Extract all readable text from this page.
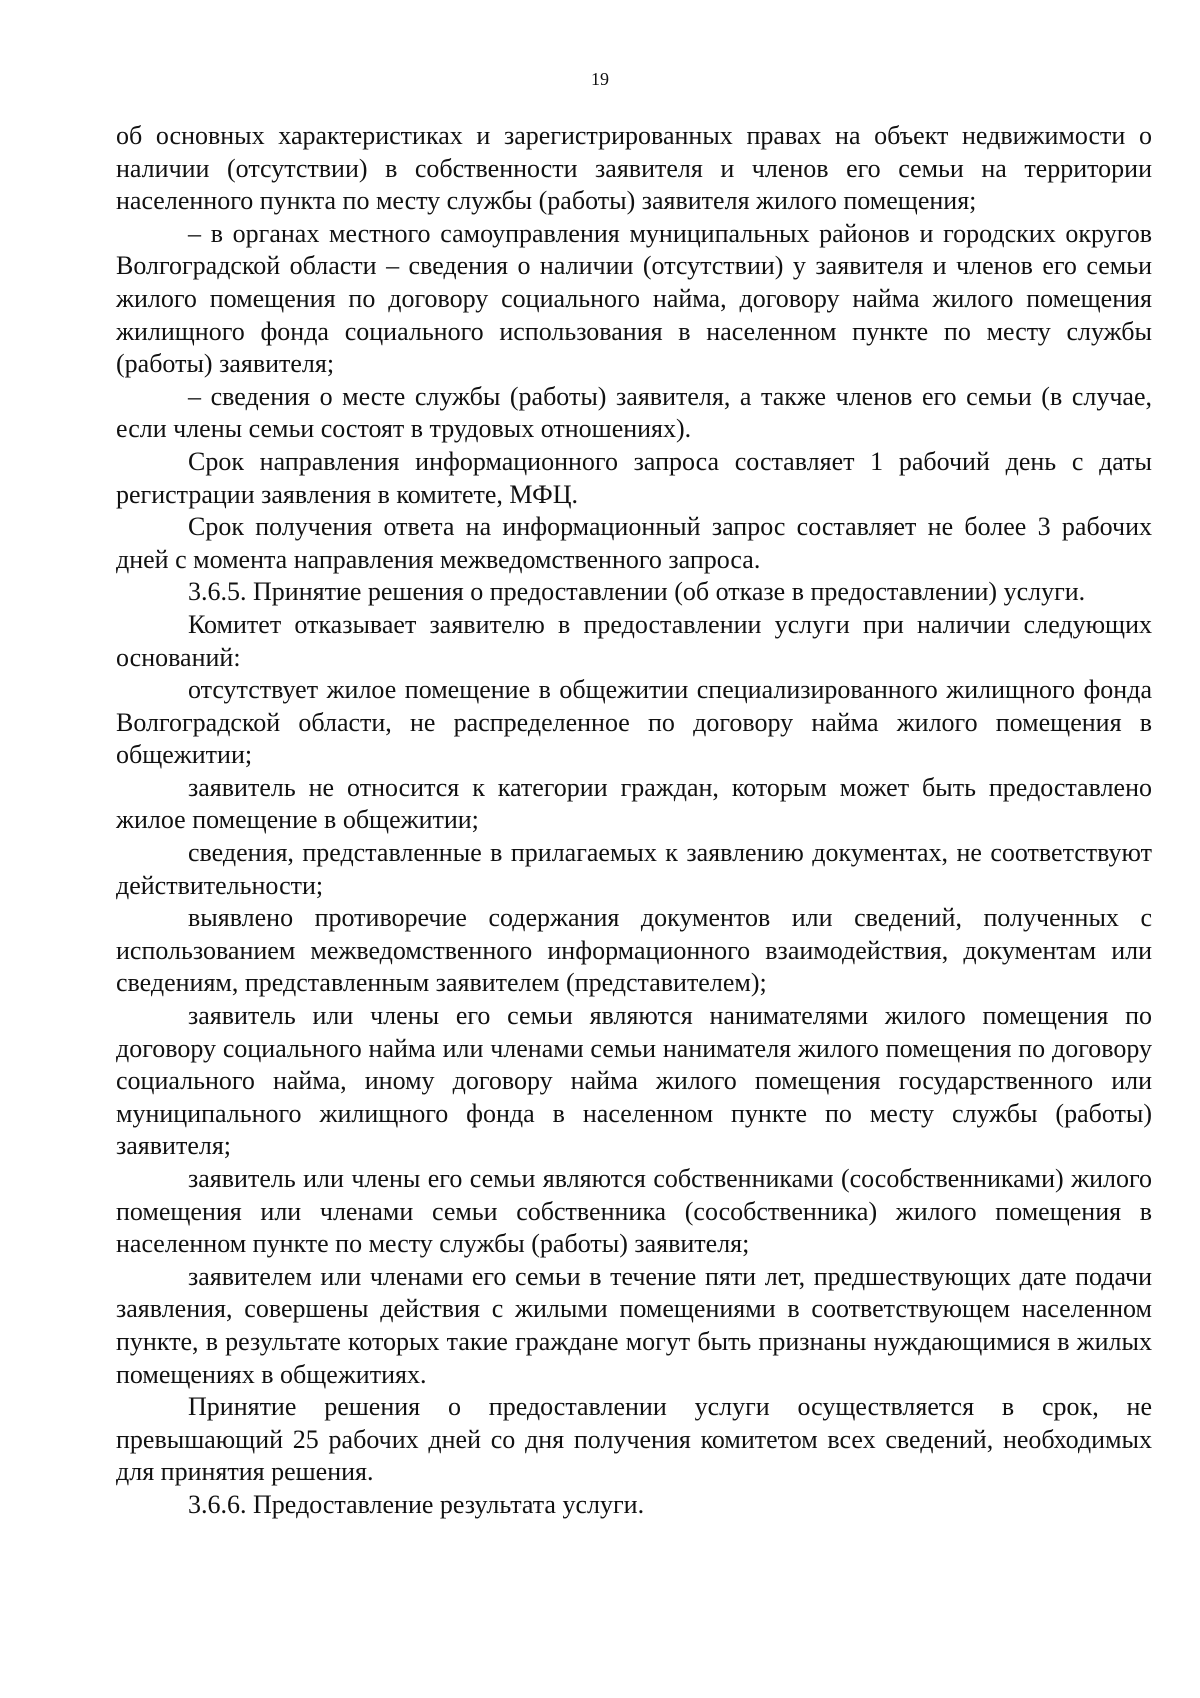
19

об основных характеристиках и зарегистрированных правах на объект недвижимости о наличии (отсутствии) в собственности заявителя и членов его семьи на территории населенного пункта по месту службы (работы) заявителя жилого помещения;

– в органах местного самоуправления муниципальных районов и городских округов Волгоградской области – сведения о наличии (отсутствии) у заявителя и членов его семьи жилого помещения по договору социального найма, договору найма жилого помещения жилищного фонда социального использования в населенном пункте по месту службы (работы) заявителя;

– сведения о месте службы (работы) заявителя, а также членов его семьи (в случае, если члены семьи состоят в трудовых отношениях).

Срок направления информационного запроса составляет 1 рабочий день с даты регистрации заявления в комитете, МФЦ.

Срок получения ответа на информационный запрос составляет не более 3 рабочих дней с момента направления межведомственного запроса.

3.6.5. Принятие решения о предоставлении (об отказе в предоставлении) услуги.

Комитет отказывает заявителю в предоставлении услуги при наличии следующих оснований:

отсутствует жилое помещение в общежитии специализированного жилищного фонда Волгоградской области, не распределенное по договору найма жилого помещения в общежитии;

заявитель не относится к категории граждан, которым может быть предоставлено жилое помещение в общежитии;

сведения, представленные в прилагаемых к заявлению документах, не соответствуют действительности;

выявлено противоречие содержания документов или сведений, полученных с использованием межведомственного информационного взаимодействия, документам или сведениям, представленным заявителем (представителем);

заявитель или члены его семьи являются нанимателями жилого помещения по договору социального найма или членами семьи нанимателя жилого помещения по договору социального найма, иному договору найма жилого помещения государственного или муниципального жилищного фонда в населенном пункте по месту службы (работы) заявителя;

заявитель или члены его семьи являются собственниками (сособственниками) жилого помещения или членами семьи собственника (сособственника) жилого помещения в населенном пункте по месту службы (работы) заявителя;

заявителем или членами его семьи в течение пяти лет, предшествующих дате подачи заявления, совершены действия с жилыми помещениями в соответствующем населенном пункте, в результате которых такие граждане могут быть признаны нуждающимися в жилых помещениях в общежитиях.

Принятие решения о предоставлении услуги осуществляется в срок, не превышающий 25 рабочих дней со дня получения комитетом всех сведений, необходимых для принятия решения.

3.6.6. Предоставление результата услуги.
